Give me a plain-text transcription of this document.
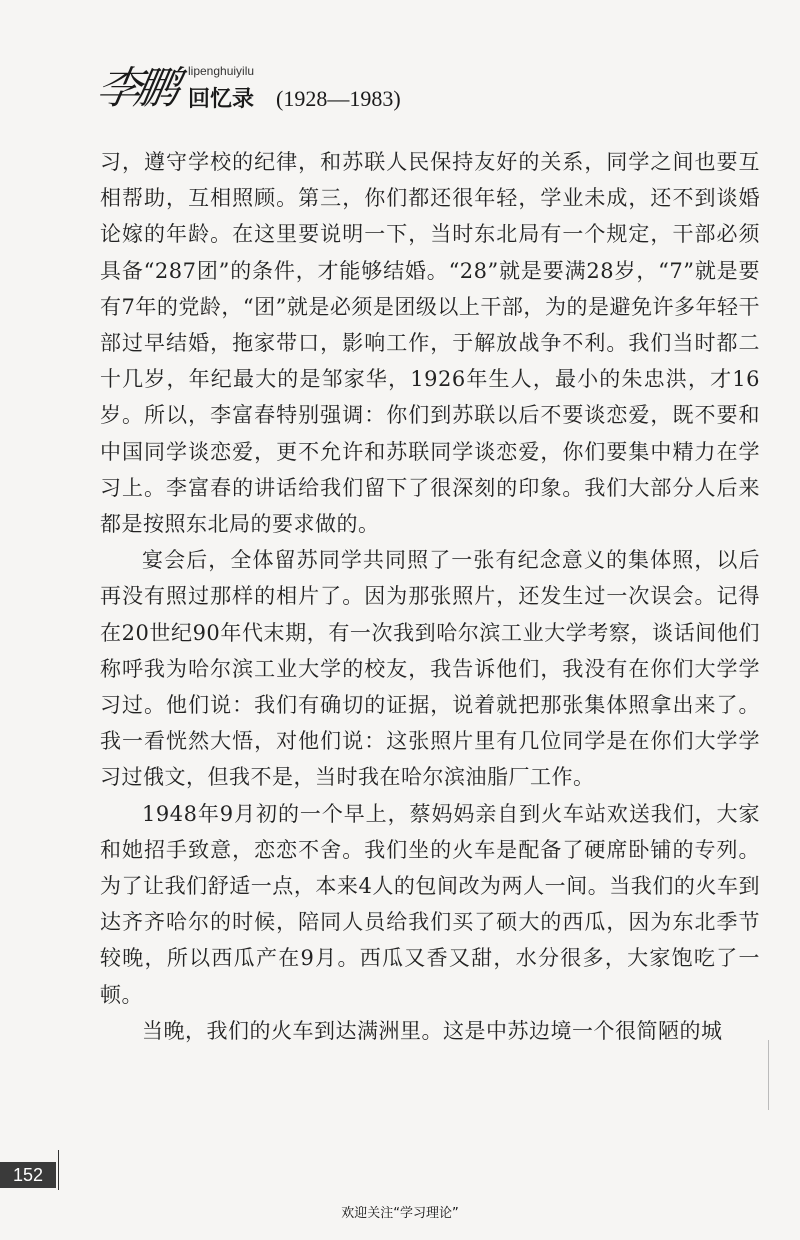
李鹏 lipenghuiyilu
回忆录 (1928—1983)

习，遵守学校的纪律，和苏联人民保持友好的关系，同学之间也要互相帮助，互相照顾。第三，你们都还很年轻，学业未成，还不到谈婚论嫁的年龄。在这里要说明一下，当时东北局有一个规定，干部必须具备“287团”的条件，才能够结婚。“28”就是要满28岁，“7”就是要有7年的党龄，“团”就是必须是团级以上干部，为的是避免许多年轻干部过早结婚，拖家带口，影响工作，于解放战争不利。我们当时都二十几岁，年纪最大的是邹家华，1926年生人，最小的朱忠洪，才16岁。所以，李富春特别强调：你们到苏联以后不要谈恋爱，既不要和中国同学谈恋爱，更不允许和苏联同学谈恋爱，你们要集中精力在学习上。李富春的讲话给我们留下了很深刻的印象。我们大部分人后来都是按照东北局的要求做的。

宴会后，全体留苏同学共同照了一张有纪念意义的集体照，以后再没有照过那样的相片了。因为那张照片，还发生过一次误会。记得在20世纪90年代末期，有一次我到哈尔滨工业大学考察，谈话间他们称呼我为哈尔滨工业大学的校友，我告诉他们，我没有在你们大学学习过。他们说：我们有确切的证据，说着就把那张集体照拿出来了。我一看恍然大悟，对他们说：这张照片里有几位同学是在你们大学学习过俄文，但我不是，当时我在哈尔滨油脂厂工作。

1948年9月初的一个早上，蔡妈妈亲自到火车站欢送我们，大家和她招手致意，恋恋不舍。我们坐的火车是配备了硬席卧铺的专列。为了让我们舒适一点，本来4人的包间改为两人一间。当我们的火车到达齐齐哈尔的时候，陪同人员给我们买了硕大的西瓜，因为东北季节较晚，所以西瓜产在9月。西瓜又香又甜，水分很多，大家饱吃了一顿。

当晚，我们的火车到达满洲里。这是中苏边境一个很简陋的城

152
欢迎关注“学习理论”
